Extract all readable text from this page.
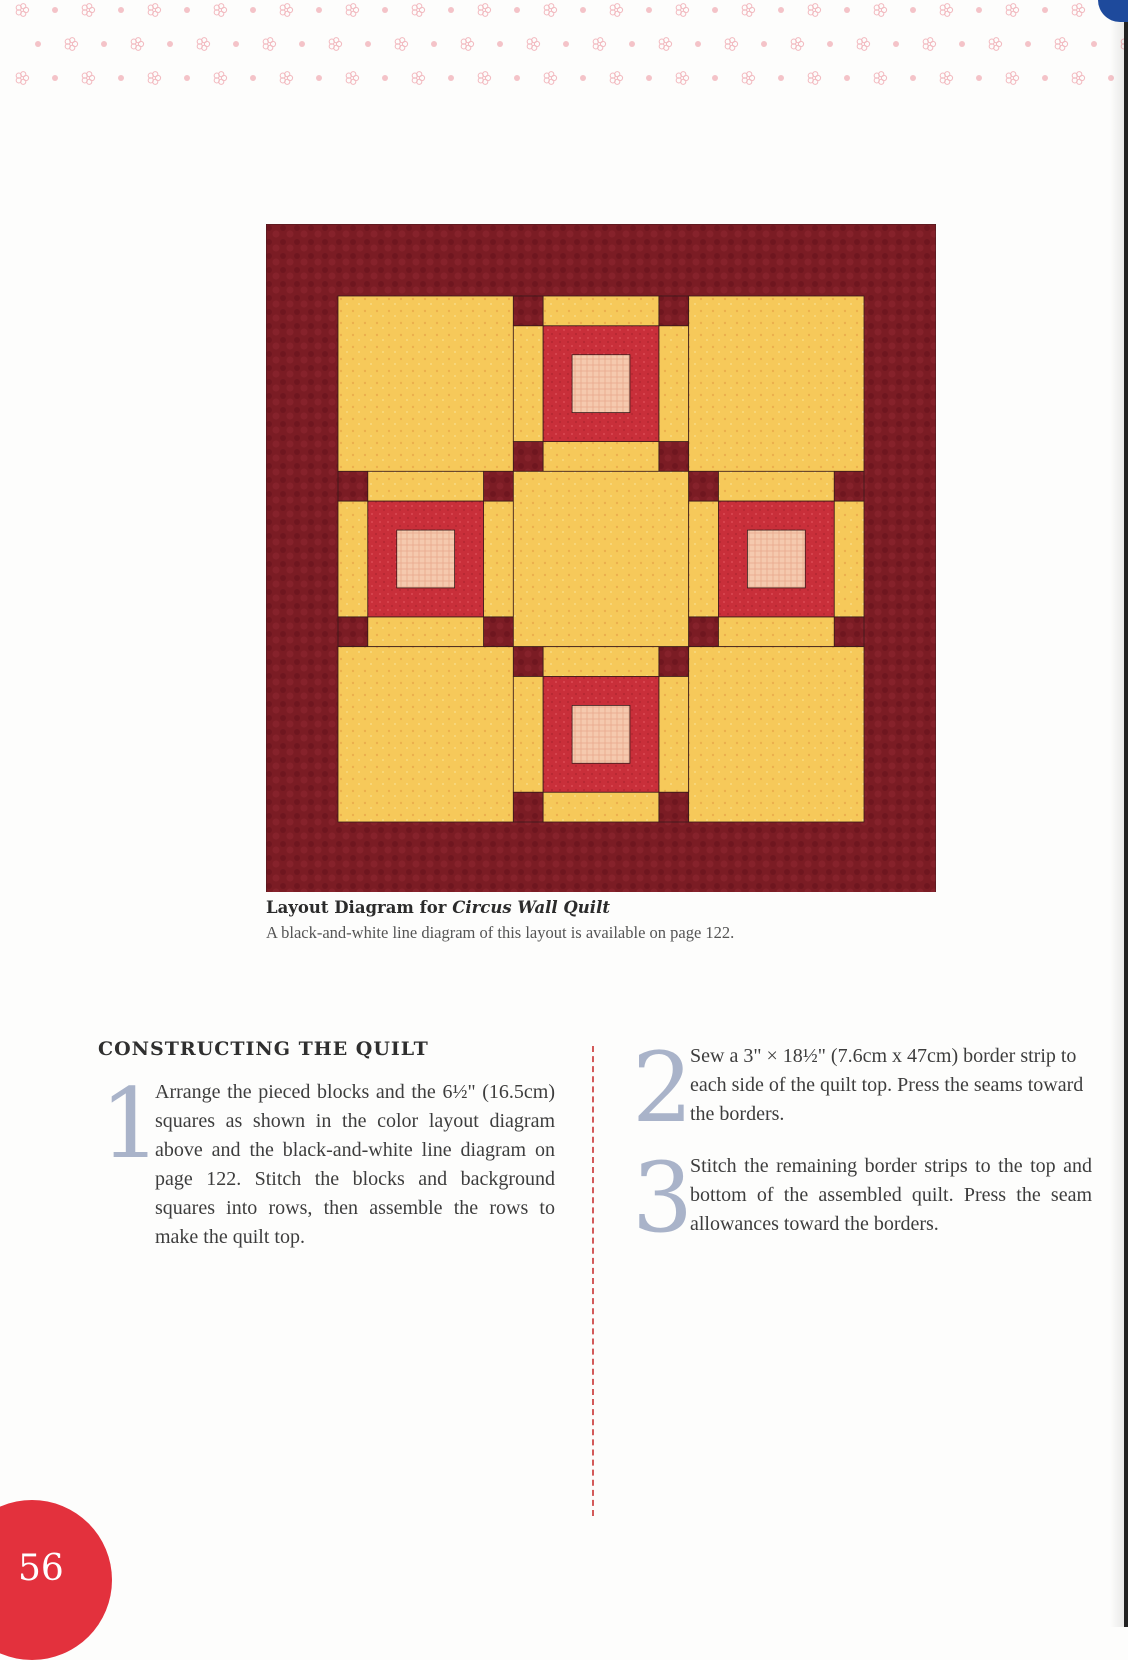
Layout Diagram for Circus Wall Quilt
A black-and-white line diagram of this layout is available on page 122.
CONSTRUCTING THE QUILT
1
Arrange the pieced blocks and the 6½" (16.5cm) squares as shown in the color layout diagram above and the black-and-white line diagram on page 122. Stitch the blocks and background squares into rows, then assemble the rows to make the quilt top.
2
Sew a 3" × 18½" (7.6cm x 47cm) border strip to each side of the quilt top. Press the seams toward the borders.
3
Stitch the remaining border strips to the top and bottom of the assembled quilt. Press the seam allowances toward the borders.
56
